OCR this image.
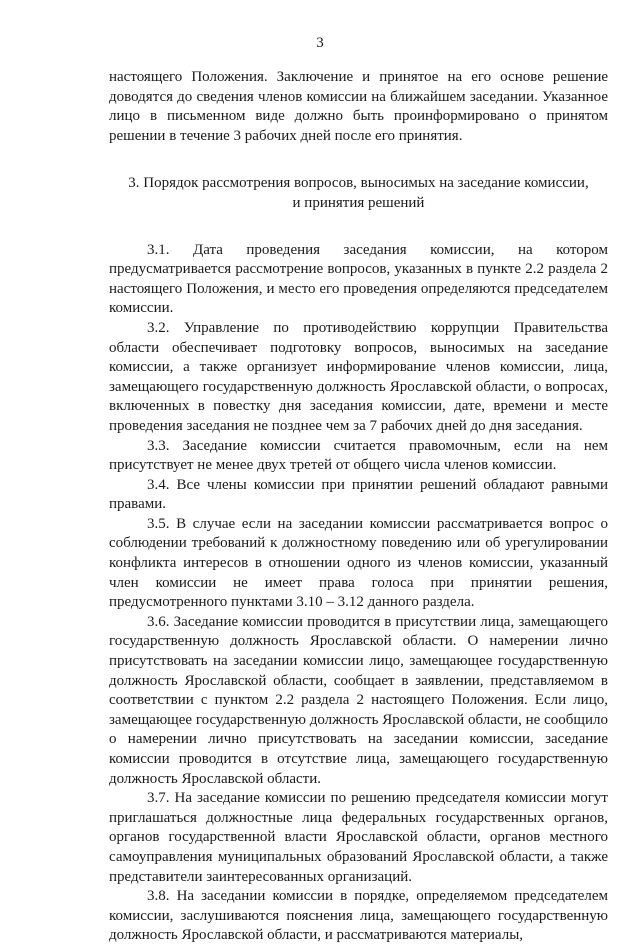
3

настоящего Положения. Заключение и принятое на его основе решение доводятся до сведения членов комиссии на ближайшем заседании. Указанное лицо в письменном виде должно быть проинформировано о принятом решении в течение 3 рабочих дней после его принятия.

3. Порядок рассмотрения вопросов, выносимых на заседание комиссии,
и принятия решений

3.1. Дата проведения заседания комиссии, на котором предусматривается рассмотрение вопросов, указанных в пункте 2.2 раздела 2 настоящего Положения, и место его проведения определяются председателем комиссии.

3.2. Управление по противодействию коррупции Правительства области обеспечивает подготовку вопросов, выносимых на заседание комиссии, а также организует информирование членов комиссии, лица, замещающего государственную должность Ярославской области, о вопросах, включенных в повестку дня заседания комиссии, дате, времени и месте проведения заседания не позднее чем за 7 рабочих дней до дня заседания.

3.3. Заседание комиссии считается правомочным, если на нем присутствует не менее двух третей от общего числа членов комиссии.

3.4. Все члены комиссии при принятии решений обладают равными правами.

3.5. В случае если на заседании комиссии рассматривается вопрос о соблюдении требований к должностному поведению или об урегулировании конфликта интересов в отношении одного из членов комиссии, указанный член комиссии не имеет права голоса при принятии решения, предусмотренного пунктами 3.10 – 3.12 данного раздела.

3.6. Заседание комиссии проводится в присутствии лица, замещающего государственную должность Ярославской области. О намерении лично присутствовать на заседании комиссии лицо, замещающее государственную должность Ярославской области, сообщает в заявлении, представляемом в соответствии с пунктом 2.2 раздела 2 настоящего Положения. Если лицо, замещающее государственную должность Ярославской области, не сообщило о намерении лично присутствовать на заседании комиссии, заседание комиссии проводится в отсутствие лица, замещающего государственную должность Ярославской области.

3.7. На заседание комиссии по решению председателя комиссии могут приглашаться должностные лица федеральных государственных органов, органов государственной власти Ярославской области, органов местного самоуправления муниципальных образований Ярославской области, а также представители заинтересованных организаций.

3.8. На заседании комиссии в порядке, определяемом председателем комиссии, заслушиваются пояснения лица, замещающего государственную должность Ярославской области, и рассматриваются материалы,
